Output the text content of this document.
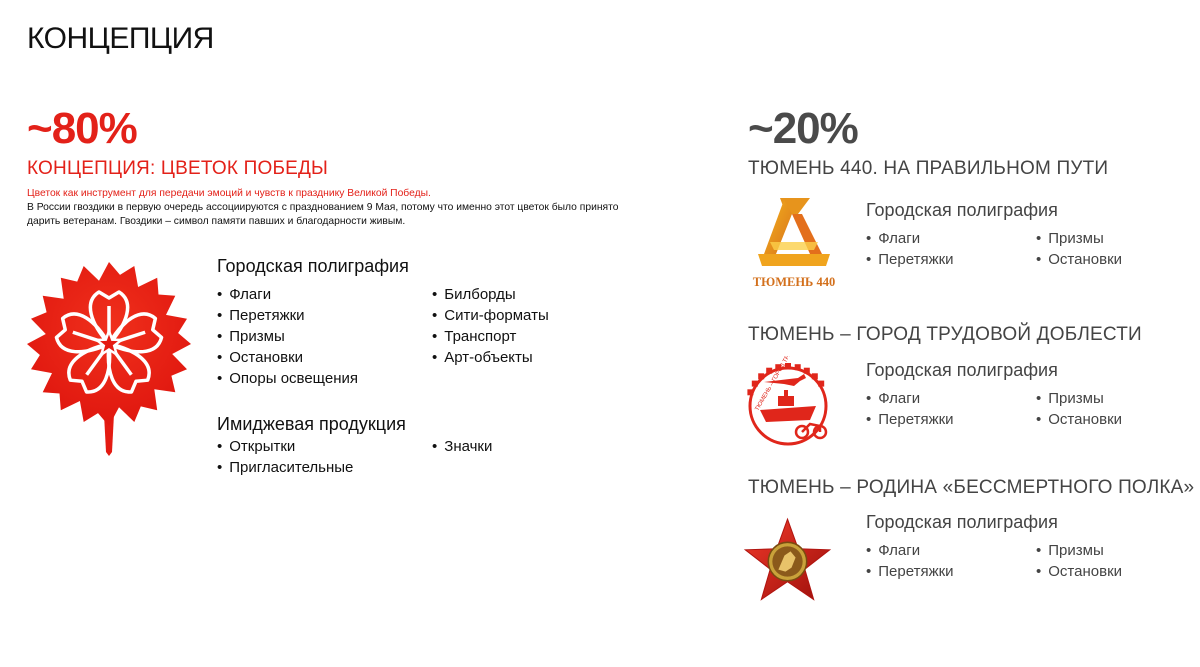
КОНЦЕПЦИЯ
~80%
КОНЦЕПЦИЯ: ЦВЕТОК ПОБЕДЫ
Цветок как инструмент для передачи эмоций и чувств к празднику Великой Победы.
В России гвоздики в первую очередь ассоциируются с празднованием 9 Мая, потому что именно этот цветок было принято дарить ветеранам. Гвоздики – символ памяти павших и благодарности живым.
Городская полиграфия
• Флаги
• Перетяжки
• Призмы
• Остановки
• Опоры освещения
• Билборды
• Сити-форматы
• Транспорт
• Арт-объекты
Имиджевая продукция
• Открытки
• Пригласительные
• Значки
~20%
ТЮМЕНЬ 440. НА ПРАВИЛЬНОМ ПУТИ
ТЮМЕНЬ 440
Городская полиграфия
• Флаги
• Перетяжки
• Призмы
• Остановки
ТЮМЕНЬ – ГОРОД ТРУДОВОЙ ДОБЛЕСТИ
ТЮМЕНЬ – ГОРОД	Городская полиграфия
• Флаги
• Перетяжки
• Призмы
• Остановки
ТЮМЕНЬ – РОДИНА «БЕССМЕРТНОГО ПОЛКА»
Городская полиграфия
• Флаги
• Перетяжки
• Призмы
• Остановки
